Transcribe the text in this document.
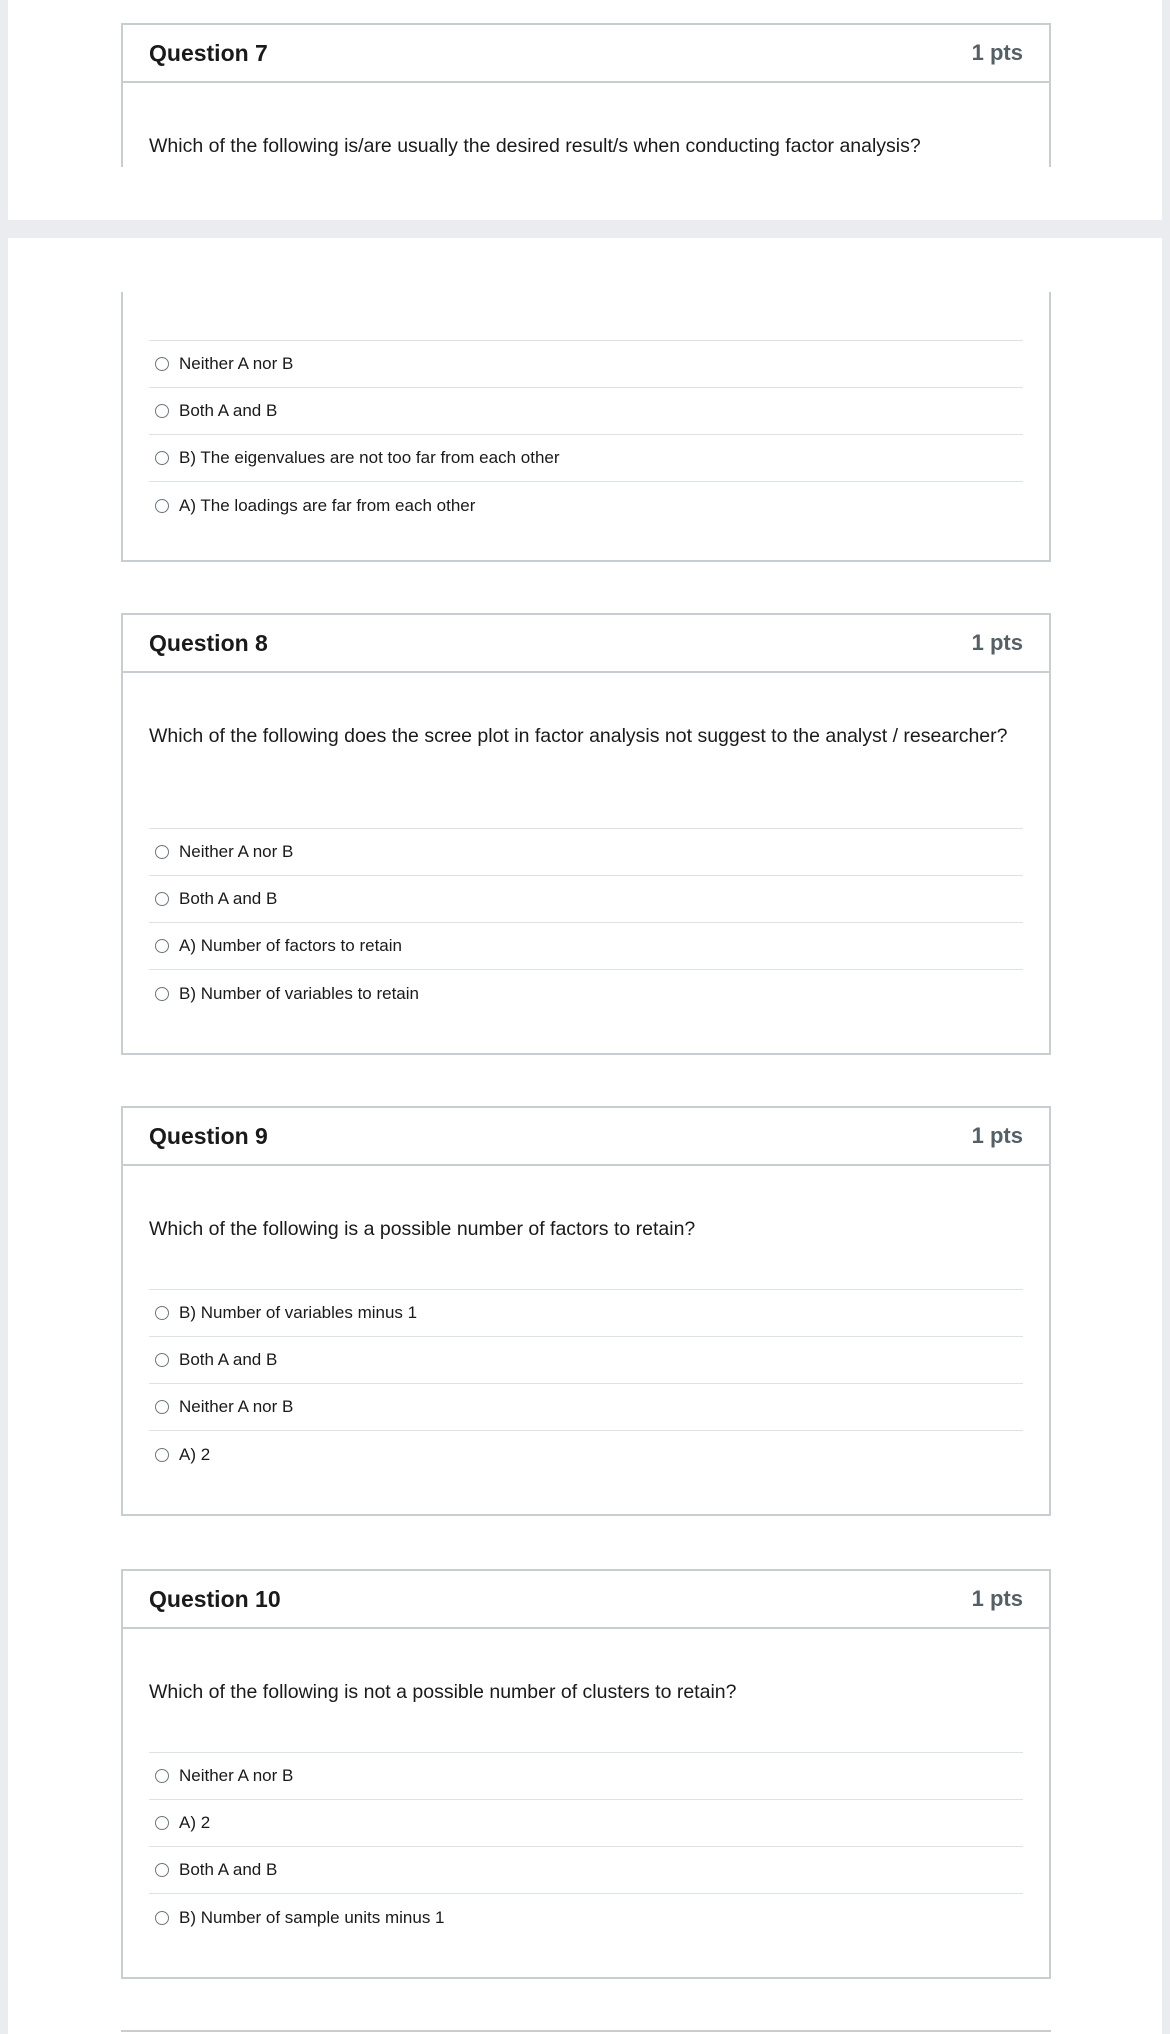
Question 7	1 pts
Which of the following is/are usually the desired result/s when conducting factor analysis?
Neither A nor B
Both A and B
B) The eigenvalues are not too far from each other
A) The loadings are far from each other
Question 8	1 pts
Which of the following does the scree plot in factor analysis not suggest to the analyst / researcher?
Neither A nor B
Both A and B
A) Number of factors to retain
B) Number of variables to retain
Question 9	1 pts
Which of the following is a possible number of factors to retain?
B) Number of variables minus 1
Both A and B
Neither A nor B
A) 2
Question 10	1 pts
Which of the following is not a possible number of clusters to retain?
Neither A nor B
A) 2
Both A and B
B) Number of sample units minus 1
